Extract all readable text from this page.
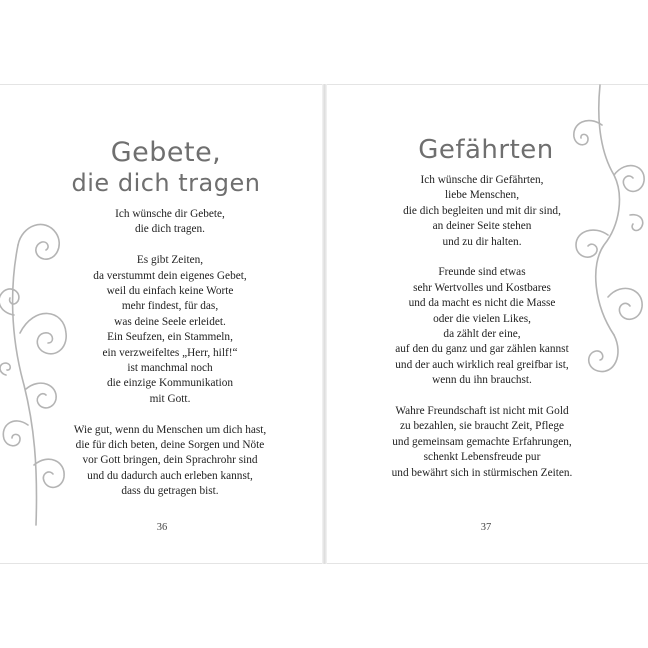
Gebete,
die dich tragen

Ich wünsche dir Gebete,

die dich tragen.

Es gibt Zeiten,

da verstummt dein eigenes Gebet,

weil du einfach keine Worte

mehr findest, für das,

was deine Seele erleidet.

Ein Seufzen, ein Stammeln,

ein verzweifeltes „Herr, hilf!“

ist manchmal noch

die einzige Kommunikation

mit Gott.

Wie gut, wenn du Menschen um dich hast,

die für dich beten, deine Sorgen und Nöte

vor Gott bringen, dein Sprachrohr sind

und du dadurch auch erleben kannst,

dass du getragen bist.

36
Gefährten

Ich wünsche dir Gefährten,

liebe Menschen,

die dich begleiten und mit dir sind,

an deiner Seite stehen

und zu dir halten.

Freunde sind etwas

sehr Wertvolles und Kostbares

und da macht es nicht die Masse

oder die vielen Likes,

da zählt der eine,

auf den du ganz und gar zählen kannst

und der auch wirklich real greifbar ist,

wenn du ihn brauchst.

Wahre Freundschaft ist nicht mit Gold

zu bezahlen, sie braucht Zeit, Pflege

und gemeinsam gemachte Erfahrungen,

schenkt Lebensfreude pur

und bewährt sich in stürmischen Zeiten.

37
